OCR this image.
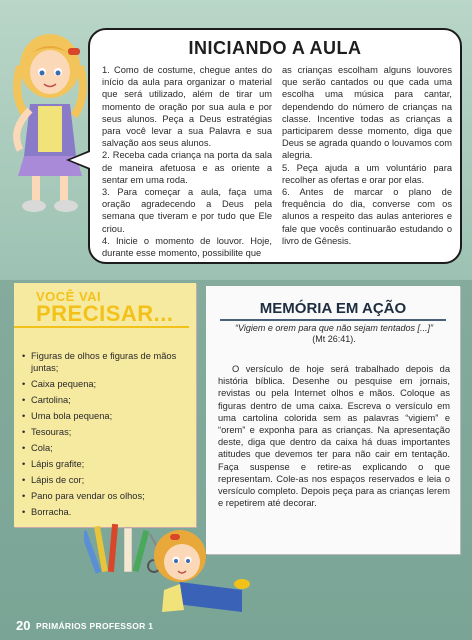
INICIANDO A AULA

1. Como de costume, chegue antes do início da aula para organizar o material que será utilizado, além de tirar um momento de oração por sua aula e por seus alunos. Peça a Deus estratégias para você levar a sua Palavra e sua salvação aos seus alunos.

2. Receba cada criança na porta da sala de maneira afetuosa e as oriente a sentar em uma roda.

3. Para começar a aula, faça uma oração agradecendo a Deus pela semana que tiveram e por tudo que Ele criou.

4. Inicie o momento de louvor. Hoje, durante esse momento, possibilite que

as crianças escolham alguns louvores que serão cantados ou que cada uma escolha uma música para cantar, dependendo do número de crianças na classe. Incentive todas as crianças a participarem desse momento, diga que Deus se agrada quando o louvamos com alegria.

5. Peça ajuda a um voluntário para recolher as ofertas e orar por elas.

6. Antes de marcar o plano de frequência do dia, converse com os alunos a respeito das aulas anteriores e fale que vocês continuarão estudando o livro de Gênesis.

VOCÊ VAI
PRECISAR...
• Figuras de olhos e figuras de mãos juntas;
• Caixa pequena;
• Cartolina;
• Uma bola pequena;
• Tesouras;
• Cola;
• Lápis grafite;
• Lápis de cor;
• Pano para vendar os olhos;
• Borracha.
MEMÓRIA EM AÇÃO
“Vigiem e orem para que não sejam tentados [...]” (Mt 26:41).

O versículo de hoje será trabalhado depois da história bíblica. Desenhe ou pesquise em jornais, revistas ou pela Internet olhos e mãos. Coloque as figuras dentro de uma caixa. Escreva o versículo em uma cartolina colorida sem as palavras “vigiem” e “orem” e exponha para as crianças. Na apresentação deste, diga que dentro da caixa há duas importantes atitudes que devemos ter para não cair em tentação. Faça suspense e retire-as explicando o que representam. Cole-as nos espaços reservados e leia o versículo completo. Depois peça para as crianças lerem e repetirem até decorar.

20 PRIMÁRIOS PROFESSOR 1
